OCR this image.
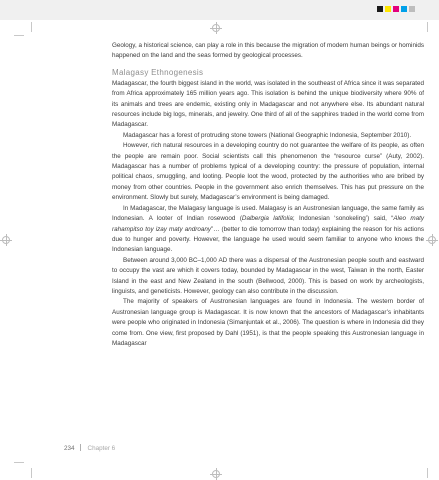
Geology, a historical science, can play a role in this because the migration of modern human beings or hominids happened on the land and the seas formed by geological processes.

Malagasy Ethnogenesis

Madagascar, the fourth biggest island in the world, was isolated in the southeast of Africa since it was separated from Africa approximately 165 million years ago. This isolation is behind the unique biodiversity where 90% of its animals and trees are endemic, existing only in Madagascar and not anywhere else. Its abundant natural resources include big logs, minerals, and jewelry. One third of all of the sapphires traded in the world come from Madagascar.

Madagascar has a forest of protruding stone towers (National Geographic Indonesia, September 2010).

However, rich natural resources in a developing country do not guarantee the welfare of its people, as often the people are remain poor. Social scientists call this phenomenon the “resource curse” (Auty, 2002). Madagascar has a number of problems typical of a developing country: the pressure of population, internal political chaos, smuggling, and looting. People loot the wood, protected by the authorities who are bribed by money from other countries. People in the government also enrich themselves. This has put pressure on the environment. Slowly but surely, Madagascar’s environment is being damaged.

In Madagascar, the Malagasy language is used. Malagasy is an Austronesian language, the same family as Indonesian. A looter of Indian rosewood (Dalbergia latifolia; Indonesian ‘sonokeling’) said, “Aleo maty rahampitso toy izay maty androany”… (better to die tomorrow than today) explaining the reason for his actions due to hunger and poverty. However, the language he used would seem familiar to anyone who knows the Indonesian language.

Between around 3,000 BC–1,000 AD there was a dispersal of the Austronesian people south and eastward to occupy the vast are which it covers today, bounded by Madagascar in the west, Taiwan in the north, Easter Island in the east and New Zealand in the south (Bellwood, 2000). This is based on work by archeologists, linguists, and geneticists. However, geology can also contribute in the discussion.

The majority of speakers of Austronesian languages are found in Indonesia. The western border of Austronesian language group is Madagascar. It is now known that the ancestors of Madagascar’s inhabitants were people who originated in Indonesia (Simanjuntak et al., 2006). The question is where in Indonesia did they come from. One view, first proposed by Dahl (1951), is that the people speaking this Austronesian language in Madagascar

234 Chapter 6
